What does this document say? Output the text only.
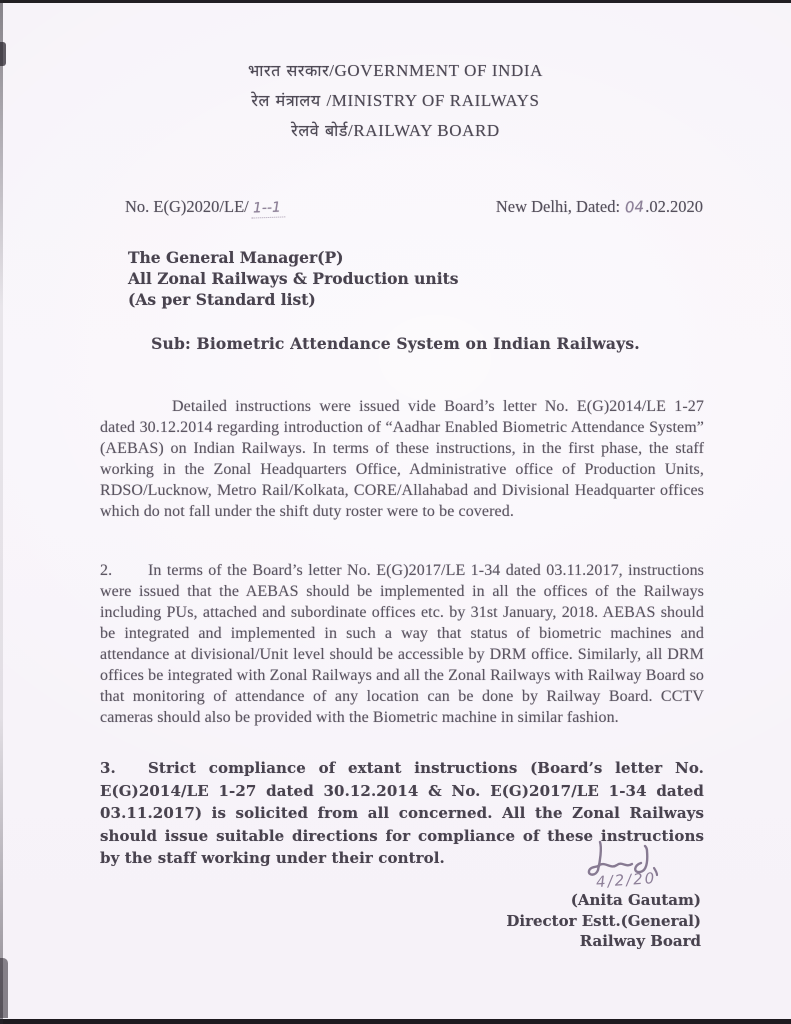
भारत सरकार/GOVERNMENT OF INDIA
रेल मंत्रालय /MINISTRY OF RAILWAYS
रेलवे बोर्ड/RAILWAY BOARD
New Delhi, Dated: 04.02.2020
No. E(G)2020/LE/ 1--1
The General Manager(P)
All Zonal Railways & Production units
(As per Standard list)
Sub: Biometric Attendance System on Indian Railways.
Detailed instructions were issued vide Board’s letter No. E(G)2014/LE 1-27 dated 30.12.2014 regarding introduction of “Aadhar Enabled Biometric Attendance System” (AEBAS) on Indian Railways. In terms of these instructions, in the first phase, the staff working in the Zonal Headquarters Office, Administrative office of Production Units, RDSO/Lucknow, Metro Rail/Kolkata, CORE/Allahabad and Divisional Headquarter offices which do not fall under the shift duty roster were to be covered.
2. In terms of the Board’s letter No. E(G)2017/LE 1-34 dated 03.11.2017, instructions were issued that the AEBAS should be implemented in all the offices of the Railways including PUs, attached and subordinate offices etc. by 31st January, 2018. AEBAS should be integrated and implemented in such a way that status of biometric machines and attendance at divisional/Unit level should be accessible by DRM office. Similarly, all DRM offices be integrated with Zonal Railways and all the Zonal Railways with Railway Board so that monitoring of attendance of any location can be done by Railway Board. CCTV cameras should also be provided with the Biometric machine in similar fashion.
3. Strict compliance of extant instructions (Board’s letter No. E(G)2014/LE 1-27 dated 30.12.2014 & No. E(G)2017/LE 1-34 dated 03.11.2017) is solicited from all concerned. All the Zonal Railways should issue suitable directions for compliance of these instructions by the staff working under their control.
4/2/20
(Anita Gautam)
Director Estt.(General)
Railway Board
